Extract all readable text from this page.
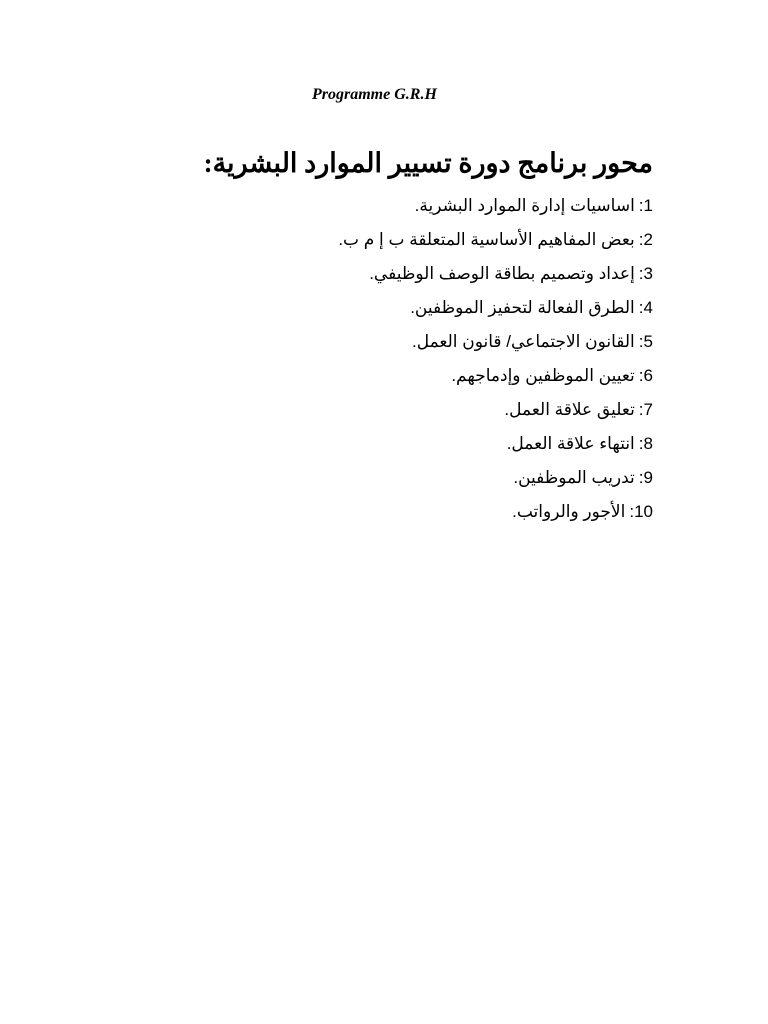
Programme G.R.H
محور برنامج دورة تسيير الموارد البشرية:
1
:
اساسيات إدارة الموارد البشرية.
2
:
بعض المفاهيم الأساسية المتعلقة ب إ م ب.
3
:
إعداد وتصميم بطاقة الوصف الوظيفي.
4
:
الطرق الفعالة لتحفيز الموظفين.
5
:
القانون الاجتماعي/ قانون العمل.
6
:
تعيين الموظفين وإدماجهم.
7
:
تعليق علاقة العمل.
8
:
انتهاء علاقة العمل.
9
:
تدريب الموظفين.
10
:
الأجور والرواتب.
